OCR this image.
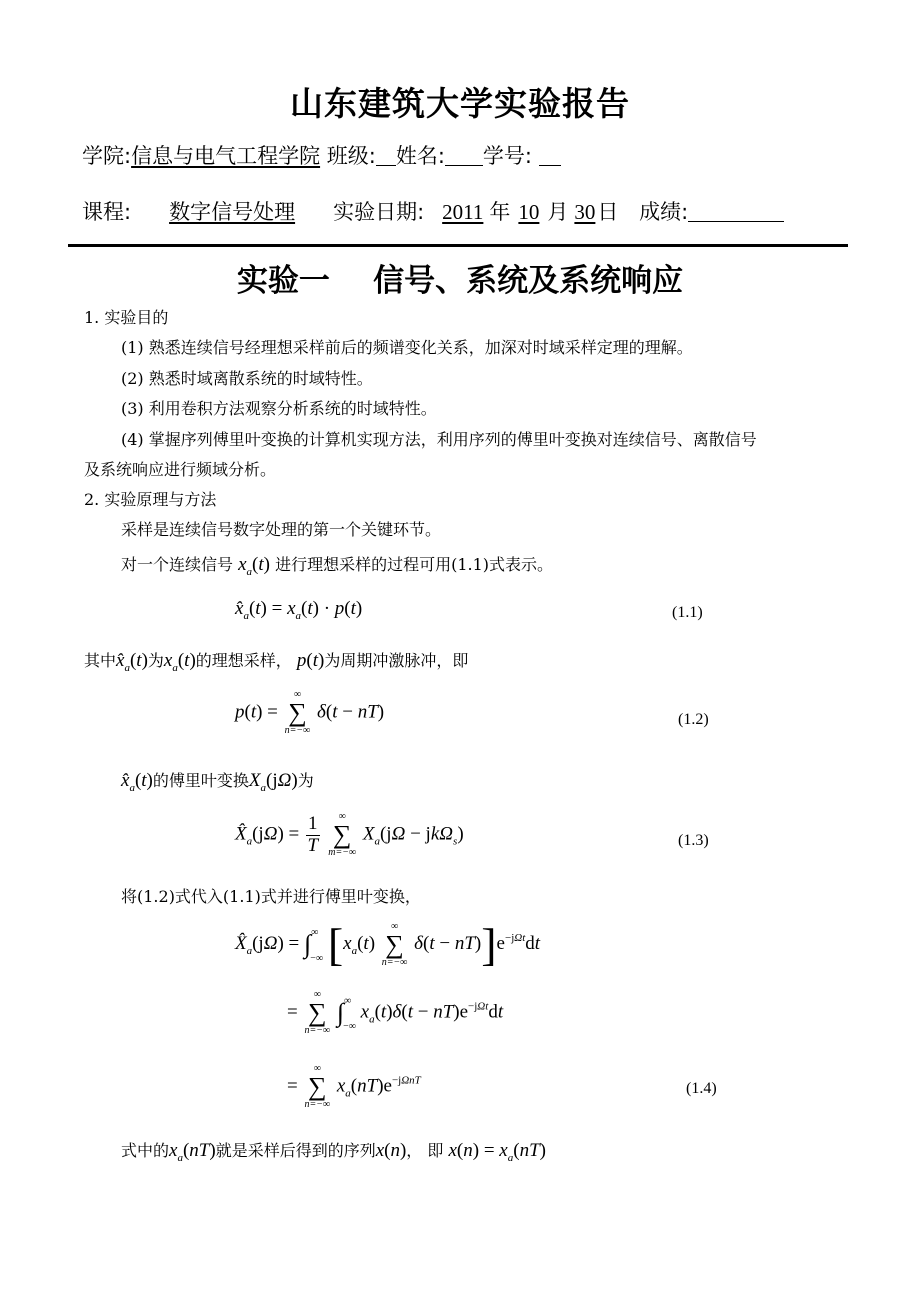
山东建筑大学实验报告
学院:信息与电气工程学院 班级: 姓名: 学号:
课程: 数字信号处理 实验日期: 2011 年 10 月 30日 成绩:
实验一    信号、系统及系统响应
1. 实验目的
(1) 熟悉连续信号经理想采样前后的频谱变化关系，加深对时域采样定理的理解。
(2) 熟悉时域离散系统的时域特性。
(3) 利用卷积方法观察分析系统的时域特性。
(4) 掌握序列傅里叶变换的计算机实现方法，利用序列的傅里叶变换对连续信号、离散信号
及系统响应进行频域分析。
2. 实验原理与方法
采样是连续信号数字处理的第一个关键环节。
对一个连续信号 $x_a(t)$ 进行理想采样的过程可用(1.1)式表示。
$x̂_a(t) = x_a(t) \cdot p(t)$	(1.1)
其中$x̂_a(t)$为$x_a(t)$的理想采样， p(t)为周期冲激脉冲，即
p(t) =
∞
∑
n=−∞
δ(t − nT)	(1.2)
$x̂_a(t)$的傅里叶变换$X_a(j\Omega)$为
$X̂_a(j\Omega) = \frac{1}{T}$
	∞
∑
m=−∞
$X_a(j\Omega - jk\Omega_s)$	(1.3)
将(1.2)式代入(1.1)式并进行傅里叶变换，
$X̂_a(j\Omega) = \int^\infty_{-\infty}$ [$x_a(t)$
∞
∑
n=−∞
$\delta(t - nT)]e^{-j\Omega t}dt$
=
∞
∑
n=−∞
$\int^\infty_{-\infty}$ $x_a(t)\delta(t - nT)e^{-j\Omega t}dt$
=
∞
∑
n=−∞
$x_a(nT)e^{-j\Omega nT}$	(1.4)
式中的$x_a(nT)$就是采样后得到的序列x(n)， 即 $x(n) = x_a(nT)$
